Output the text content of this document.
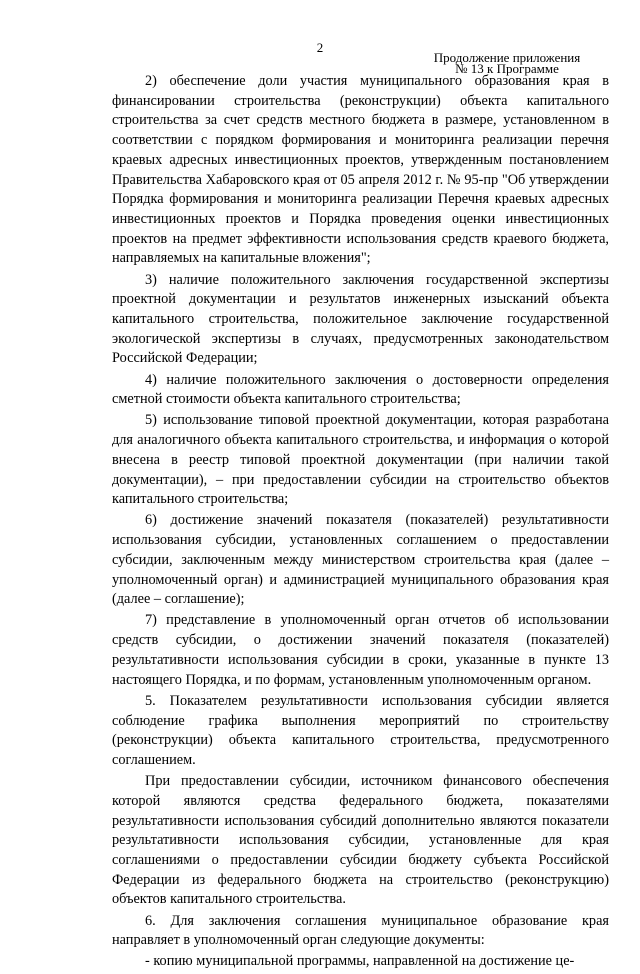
2
Продолжение приложения
№ 13 к Программе

2) обеспечение доли участия муниципального образования края в финансировании строительства (реконструкции) объекта капитального строительства за счет средств местного бюджета в размере, установленном в соответствии с порядком формирования и мониторинга реализации перечня краевых адресных инвестиционных проектов, утвержденным постановлением Правительства Хабаровского края от 05 апреля 2012 г. № 95-пр "Об утверждении Порядка формирования и мониторинга реализации Перечня краевых адресных инвестиционных проектов и Порядка проведения оценки инвестиционных проектов на предмет эффективности использования средств краевого бюджета, направляемых на капитальные вложения";

3) наличие положительного заключения государственной экспертизы проектной документации и результатов инженерных изысканий объекта капитального строительства, положительное заключение государственной экологической экспертизы в случаях, предусмотренных законодательством Российской Федерации;

4) наличие положительного заключения о достоверности определения сметной стоимости объекта капитального строительства;

5) использование типовой проектной документации, которая разработана для аналогичного объекта капитального строительства, и информация о которой внесена в реестр типовой проектной документации (при наличии такой документации), – при предоставлении субсидии на строительство объектов капитального строительства;

6) достижение значений показателя (показателей) результативности использования субсидии, установленных соглашением о предоставлении субсидии, заключенным между министерством строительства края (далее – уполномоченный орган) и администрацией муниципального образования края (далее – соглашение);

7) представление в уполномоченный орган отчетов об использовании средств субсидии, о достижении значений показателя (показателей) результативности использования субсидии в сроки, указанные в пункте 13 настоящего Порядка, и по формам, установленным уполномоченным органом.

5. Показателем результативности использования субсидии является соблюдение графика выполнения мероприятий по строительству (реконструкции) объекта капитального строительства, предусмотренного соглашением.

При предоставлении субсидии, источником финансового обеспечения которой являются средства федерального бюджета, показателями результативности использования субсидий дополнительно являются показатели результативности использования субсидии, установленные для края соглашениями о предоставлении субсидии бюджету субъекта Российской Федерации из федерального бюджета на строительство (реконструкцию) объектов капитального строительства.

6. Для заключения соглашения муниципальное образование края направляет в уполномоченный орган следующие документы:

- копию муниципальной программы, направленной на достижение це-
